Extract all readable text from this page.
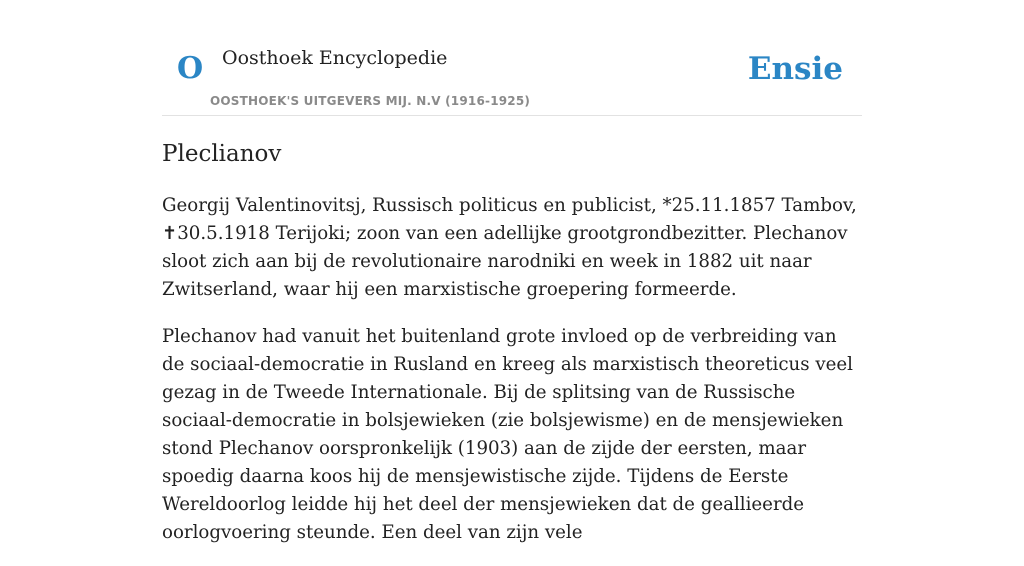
O Oosthoek Encyclopedie
OOSTHOEK'S UITGEVERS MIJ. N.V (1916-1925)
Ensie
Pleclianov

Georgij Valentinovitsj, Russisch politicus en publicist, *25.11.1857 Tambov, ✝30.5.1918 Terijoki; zoon van een adellijke grootgrondbezitter. Plechanov sloot zich aan bij de revolutionaire narodniki en week in 1882 uit naar Zwitserland, waar hij een marxistische groepering formeerde.

Plechanov had vanuit het buitenland grote invloed op de verbreiding van de sociaal-democratie in Rusland en kreeg als marxistisch theoreticus veel gezag in de Tweede Internationale. Bij de splitsing van de Russische sociaal-democratie in bolsjewieken (zie bolsjewisme) en de mensjewieken stond Plechanov oorspronkelijk (1903) aan de zijde der eersten, maar spoedig daarna koos hij de mensjewistische zijde. Tijdens de Eerste Wereldoorlog leidde hij het deel der mensjewieken dat de geallieerde oorlogvoering steunde. Een deel van zijn vele
